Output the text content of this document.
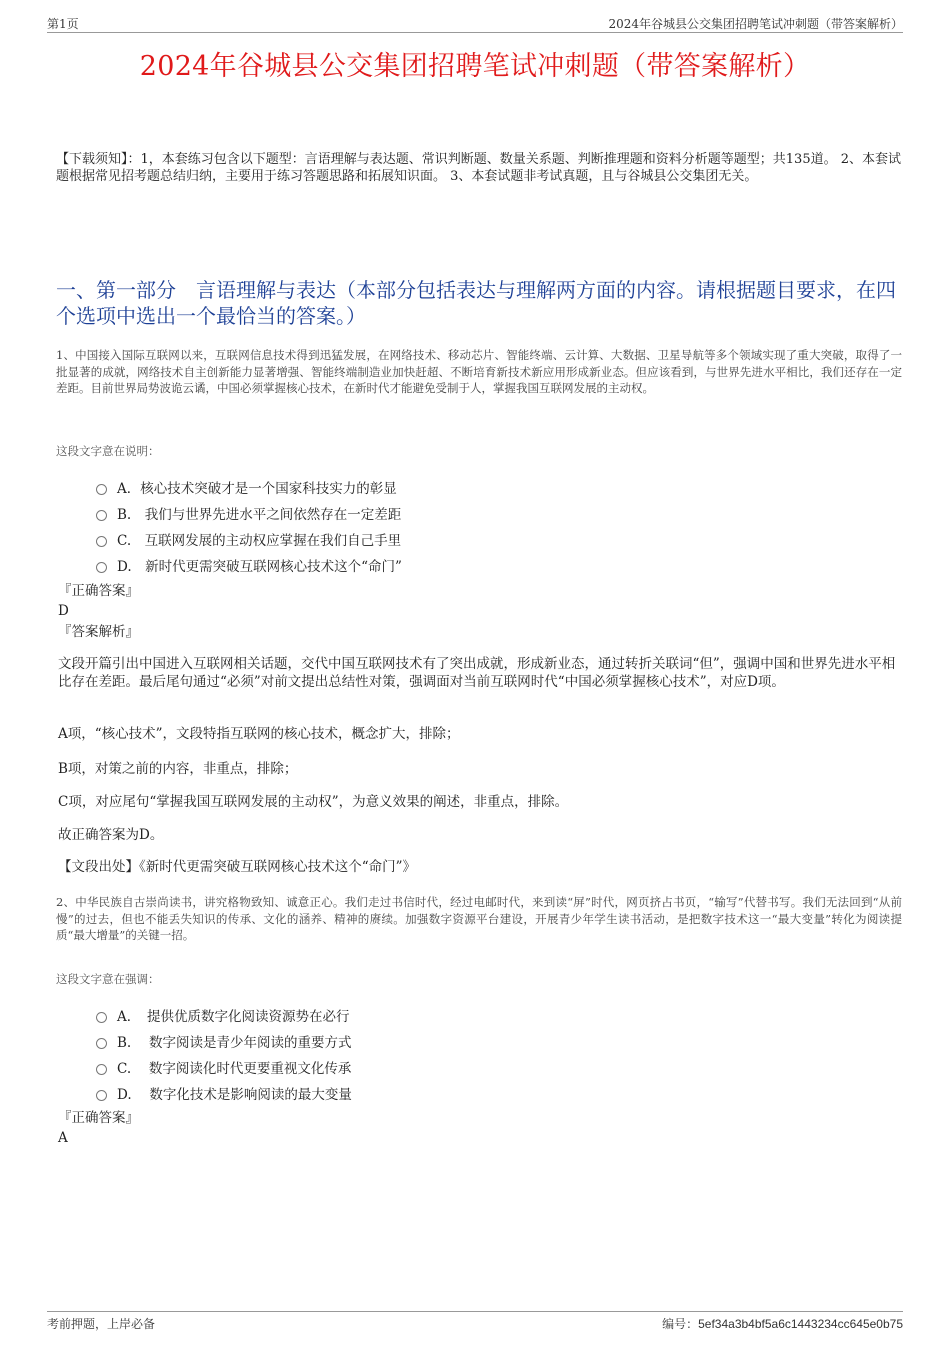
第1页	2024年谷城县公交集团招聘笔试冲刺题（带答案解析）
2024年谷城县公交集团招聘笔试冲刺题（带答案解析）
【下载须知】：1，本套练习包含以下题型：言语理解与表达题、常识判断题、数量关系题、判断推理题和资料分析题等题型；共135道。 2、本套试题根据常见招考题总结归纳，主要用于练习答题思路和拓展知识面。 3、本套试题非考试真题，且与谷城县公交集团无关。
一、第一部分　言语理解与表达（本部分包括表达与理解两方面的内容。请根据题目要求，在四个选项中选出一个最恰当的答案。）
1、中国接入国际互联网以来，互联网信息技术得到迅猛发展，在网络技术、移动芯片、智能终端、云计算、大数据、卫星导航等多个领域实现了重大突破，取得了一批显著的成就，网络技术自主创新能力显著增强、智能终端制造业加快赶超、不断培育新技术新应用形成新业态。但应该看到，与世界先进水平相比，我们还存在一定差距。目前世界局势波诡云谲，中国必须掌握核心技术，在新时代才能避免受制于人，掌握我国互联网发展的主动权。
这段文字意在说明：
A．核心技术突破才是一个国家科技实力的彰显
B.　我们与世界先进水平之间依然存在一定差距
C.　互联网发展的主动权应掌握在我们自己手里
D.　新时代更需突破互联网核心技术这个“命门”
『正确答案』
D
『答案解析』
文段开篇引出中国进入互联网相关话题，交代中国互联网技术有了突出成就，形成新业态，通过转折关联词“但”，强调中国和世界先进水平相比存在差距。最后尾句通过“必须”对前文提出总结性对策，强调面对当前互联网时代“中国必须掌握核心技术”，对应D项。
A项，“核心技术”，文段特指互联网的核心技术，概念扩大，排除；
B项，对策之前的内容，非重点，排除；
C项，对应尾句“掌握我国互联网发展的主动权”，为意义效果的阐述，非重点，排除。
故正确答案为D。
【文段出处】《新时代更需突破互联网核心技术这个“命门”》
2、中华民族自古崇尚读书，讲究格物致知、诚意正心。我们走过书信时代，经过电邮时代，来到读“屏”时代，网页挤占书页，“输写”代替书写。我们无法回到“从前慢”的过去，但也不能丢失知识的传承、文化的涵养、精神的赓续。加强数字资源平台建设，开展青少年学生读书活动，是把数字技术这一“最大变量”转化为阅读提质“最大增量”的关键一招。
这段文字意在强调：
A．　提供优质数字化阅读资源势在必行
B.　 数字阅读是青少年阅读的重要方式
C.　 数字阅读化时代更要重视文化传承
D.　 数字化技术是影响阅读的最大变量
『正确答案』
A
考前押题，上岸必备	编号：5ef34a3b4bf5a6c1443234cc645e0b75
